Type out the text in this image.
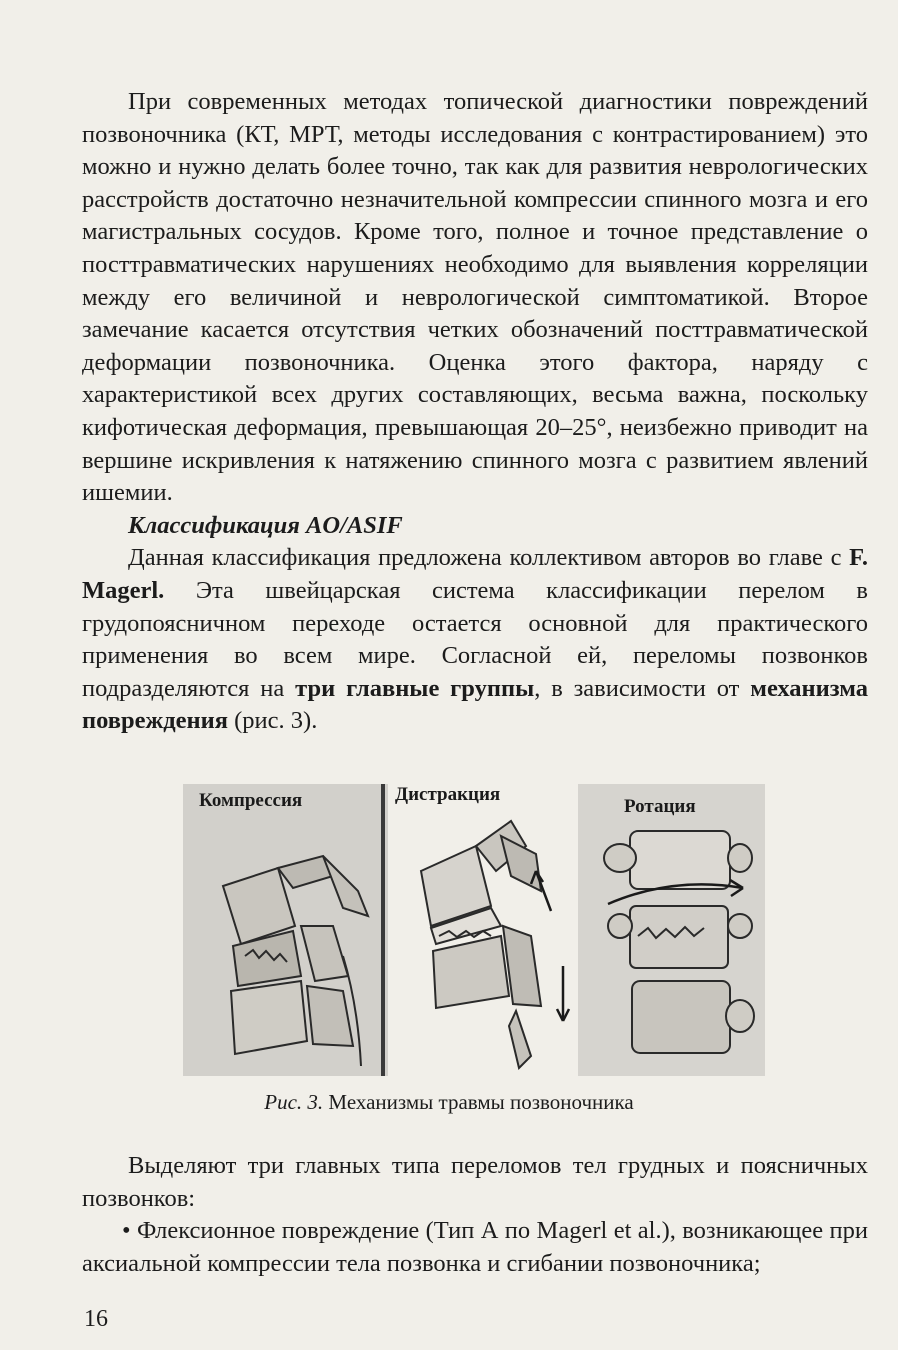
При современных методах топической диагностики повреждений позвоночника (КТ, МРТ, методы исследования с контрастированием) это можно и нужно делать более точно, так как для развития неврологических расстройств достаточно незначительной компрессии спинного мозга и его магистральных сосудов. Кроме того, полное и точное представление о посттравматических нарушениях необходимо для выявления корреляции между его величиной и неврологической симптоматикой. Второе замечание касается отсутствия четких обозначений посттравматической деформации позвоночника. Оценка этого фактора, наряду с характеристикой всех других составляющих, весьма важна, поскольку кифотическая деформация, превышающая 20–25°, неизбежно приводит на вершине искривления к натяжению спинного мозга с развитием явлений ишемии.

Классификация AO/ASIF

Данная классификация предложена коллективом авторов во главе с F. Magerl. Эта швейцарская система классификации перелом в грудопоясничном переходе остается основной для практического применения во всем мире. Согласной ей, переломы позвонков подразделяются на три главные группы, в зависимости от механизма повреждения (рис. 3).

Компрессия	Дистракция
Ротация
Рис. 3. Механизмы травмы позвоночника

Выделяют три главных типа переломов тел грудных и поясничных позвонков:

• Флексионное повреждение (Тип А по Magerl et al.), возникающее при аксиальной компрессии тела позвонка и сгибании позвоночника;

16
